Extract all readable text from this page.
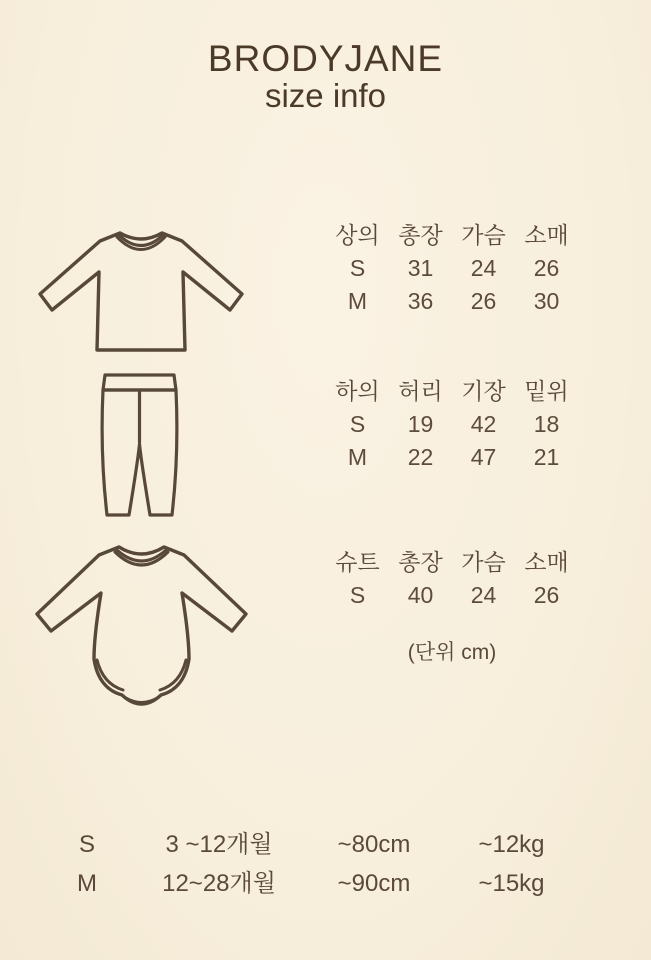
BRODYJANE
size info
상의 총장 가슴 소매
S 31 24 26
M 36 26 30
하의 허리 기장 밑위
S 19 42 18
M 22 47 21
슈트 총장 가슴 소매
S 40 24 26
(단위 cm)
S	3 ~12개월	~80cm	~12kg
M	12~28개월	~90cm	~15kg
